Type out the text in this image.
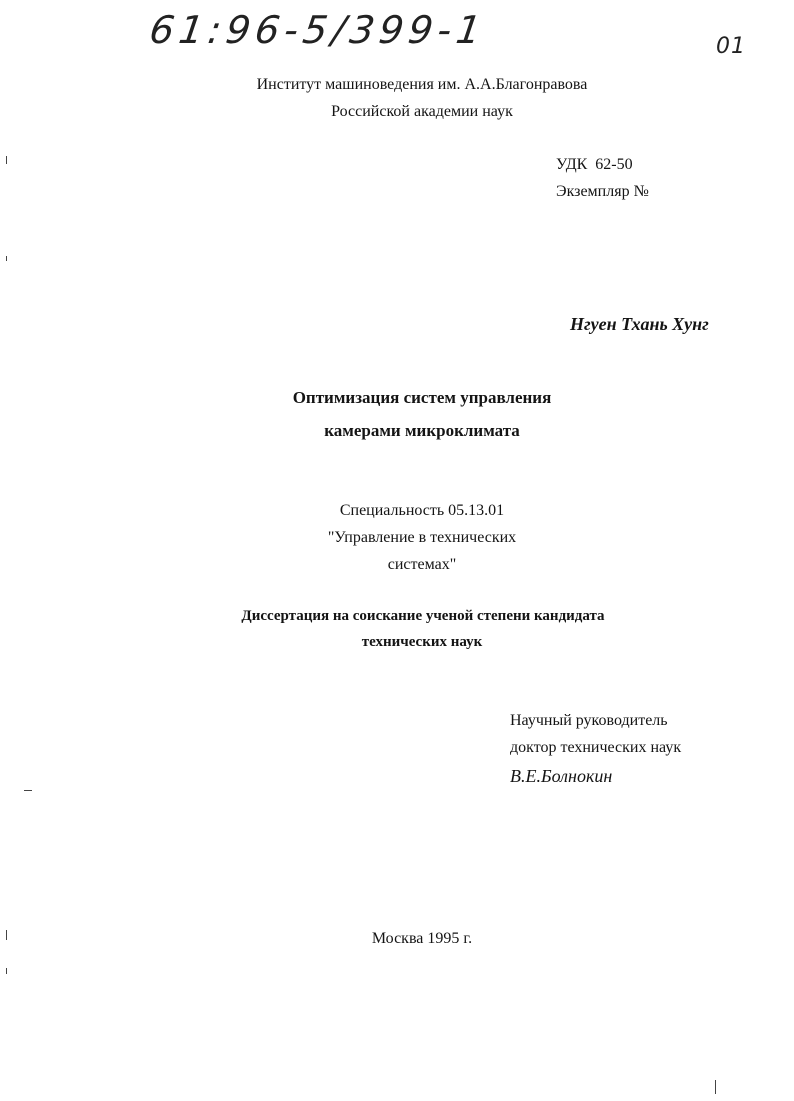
61:96-5/399-1	01
Институт машиноведения им. А.А.Благонравова
Российской академии наук
УДК  62-50
Экземпляр №
Нгуен Тхань Хунг
Оптимизация систем управления
камерами микроклимата
Специальность 05.13.01
"Управление в технических
системах"
Диссертация на соискание ученой степени кандидата
технических наук
Научный руководитель
доктор технических наук
В.Е.Болнокин
Москва 1995 г.
